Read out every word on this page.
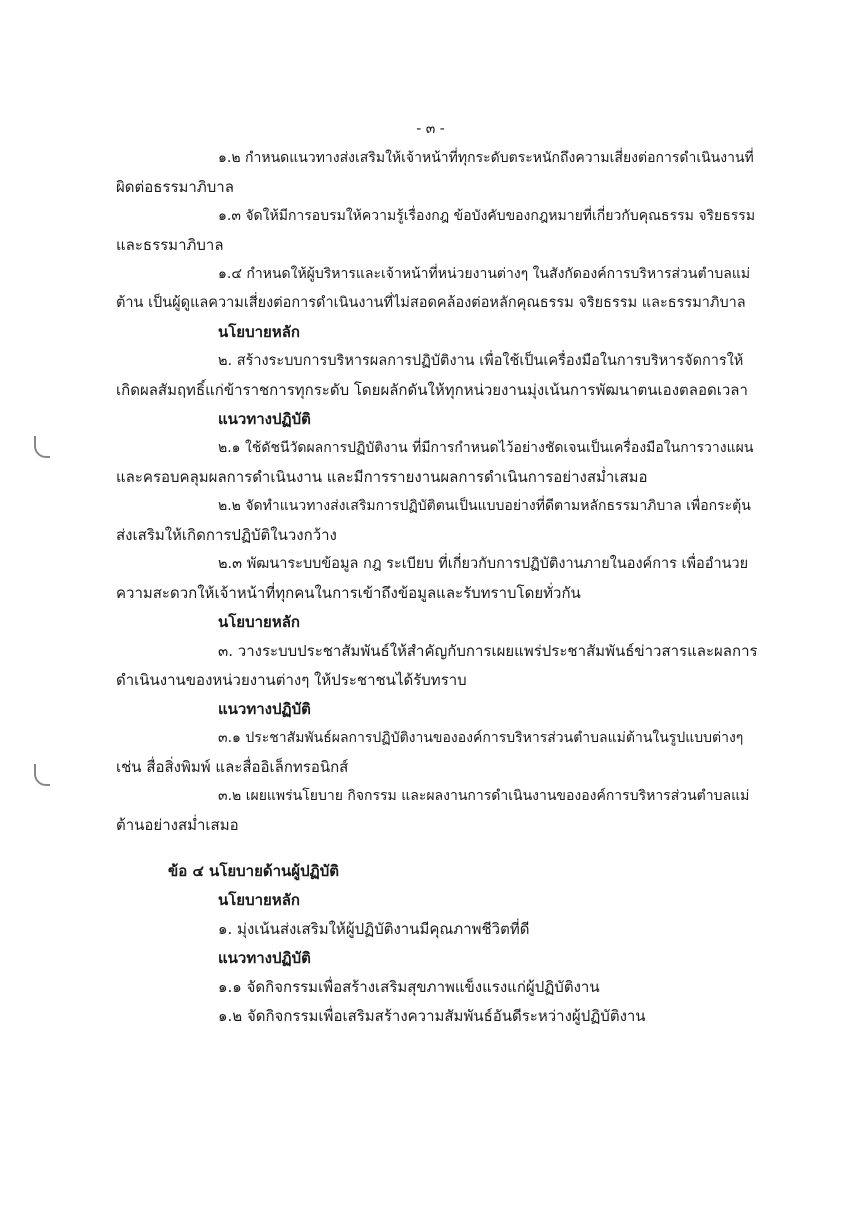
- ๓ -
๑.๒ กำหนดแนวทางส่งเสริมให้เจ้าหน้าที่ทุกระดับตระหนักถึงความเสี่ยงต่อการดำเนินงานที่
ผิดต่อธรรมาภิบาล
๑.๓ จัดให้มีการอบรมให้ความรู้เรื่องกฎ ข้อบังคับของกฎหมายที่เกี่ยวกับคุณธรรม จริยธรรม
และธรรมาภิบาล
๑.๔ กำหนดให้ผู้บริหารและเจ้าหน้าที่หน่วยงานต่างๆ ในสังกัดองค์การบริหารส่วนตำบลแม่
ต้าน เป็นผู้ดูแลความเสี่ยงต่อการดำเนินงานที่ไม่สอดคล้องต่อหลักคุณธรรม จริยธรรม และธรรมาภิบาล
นโยบายหลัก
๒. สร้างระบบการบริหารผลการปฏิบัติงาน เพื่อใช้เป็นเครื่องมือในการบริหารจัดการให้
เกิดผลสัมฤทธิ์แก่ข้าราชการทุกระดับ โดยผลักดันให้ทุกหน่วยงานมุ่งเน้นการพัฒนาตนเองตลอดเวลา
แนวทางปฏิบัติ
๒.๑ ใช้ดัชนีวัดผลการปฏิบัติงาน ที่มีการกำหนดไว้อย่างชัดเจนเป็นเครื่องมือในการวางแผน
และครอบคลุมผลการดำเนินงาน และมีการรายงานผลการดำเนินการอย่างสม่ำเสมอ
๒.๒ จัดทำแนวทางส่งเสริมการปฏิบัติตนเป็นแบบอย่างที่ดีตามหลักธรรมาภิบาล เพื่อกระตุ้น
ส่งเสริมให้เกิดการปฏิบัติในวงกว้าง
๒.๓ พัฒนาระบบข้อมูล กฎ ระเบียบ ที่เกี่ยวกับการปฏิบัติงานภายในองค์การ เพื่ออำนวย
ความสะดวกให้เจ้าหน้าที่ทุกคนในการเข้าถึงข้อมูลและรับทราบโดยทั่วกัน
นโยบายหลัก
๓. วางระบบประชาสัมพันธ์ให้สำคัญกับการเผยแพร่ประชาสัมพันธ์ข่าวสารและผลการ
ดำเนินงานของหน่วยงานต่างๆ ให้ประชาชนได้รับทราบ
แนวทางปฏิบัติ
๓.๑ ประชาสัมพันธ์ผลการปฏิบัติงานขององค์การบริหารส่วนตำบลแม่ต้านในรูปแบบต่างๆ
เช่น สื่อสิ่งพิมพ์ และสื่ออิเล็กทรอนิกส์
๓.๒ เผยแพร่นโยบาย กิจกรรม และผลงานการดำเนินงานขององค์การบริหารส่วนตำบลแม่
ต้านอย่างสม่ำเสมอ
ข้อ ๔ นโยบายด้านผู้ปฏิบัติ
นโยบายหลัก
๑. มุ่งเน้นส่งเสริมให้ผู้ปฏิบัติงานมีคุณภาพชีวิตที่ดี
แนวทางปฏิบัติ
๑.๑ จัดกิจกรรมเพื่อสร้างเสริมสุขภาพแข็งแรงแก่ผู้ปฏิบัติงาน
๑.๒ จัดกิจกรรมเพื่อเสริมสร้างความสัมพันธ์อันดีระหว่างผู้ปฏิบัติงาน
